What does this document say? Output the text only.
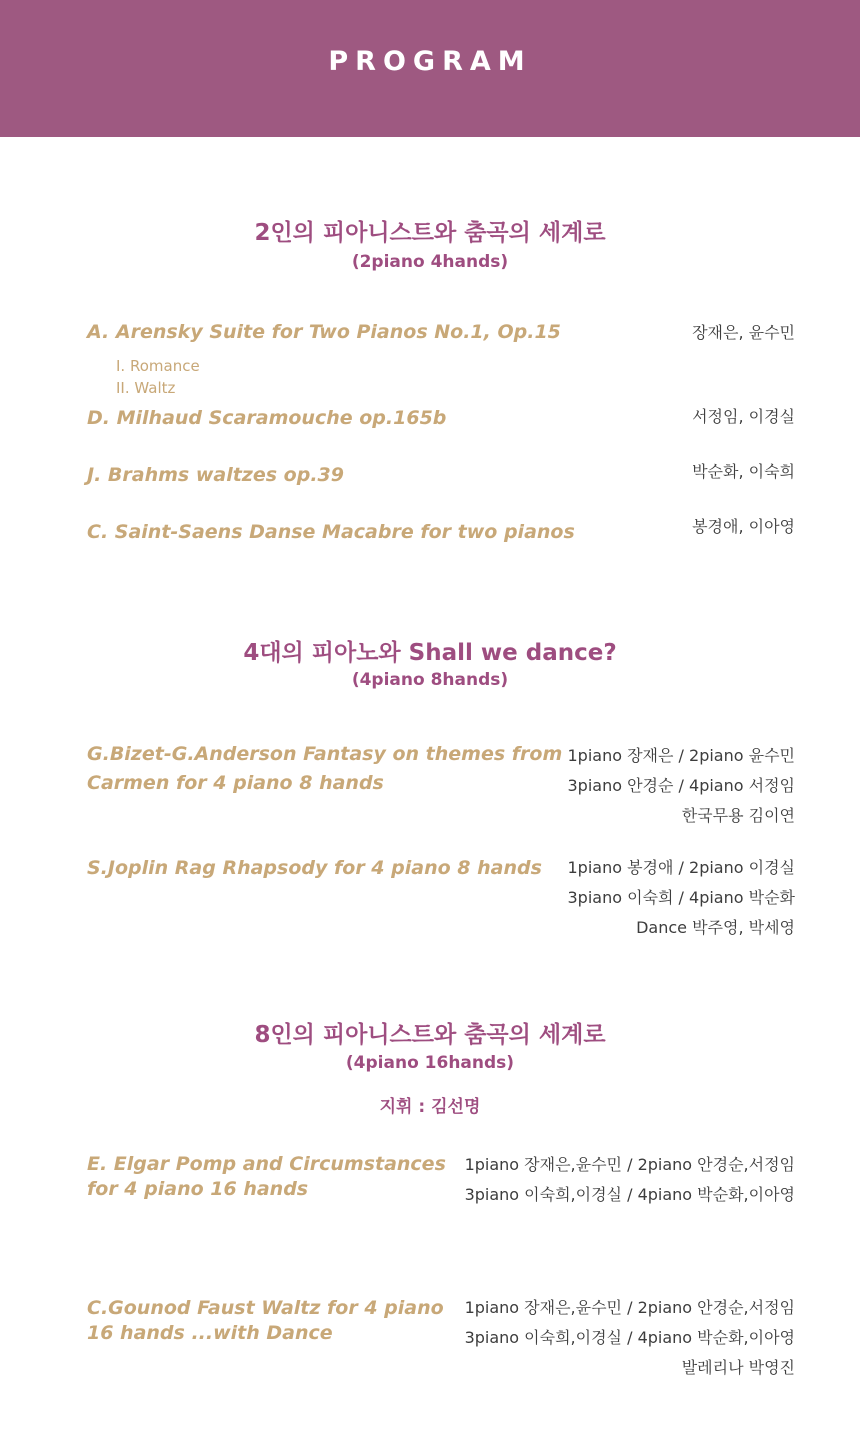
PROGRAM
2인의 피아니스트와 춤곡의 세계로
(2piano 4hands)
A. Arensky Suite for Two Pianos No.1, Op.15
I. Romance
II. Waltz
장재은, 윤수민
D. Milhaud Scaramouche op.165b	서정임, 이경실
J. Brahms waltzes op.39	박순화, 이숙희
C. Saint-Saens Danse Macabre for two pianos	봉경애, 이아영
4대의 피아노와 Shall we dance?
(4piano 8hands)
G.Bizet-G.Anderson Fantasy on themes from
Carmen for 4 piano 8 hands
1piano 장재은 / 2piano 윤수민
3piano 안경순 / 4piano 서정임
한국무용 김이연
S.Joplin Rag Rhapsody for 4 piano 8 hands 1piano 봉경애 / 2piano 이경실
3piano 이숙희 / 4piano 박순화
Dance 박주영, 박세영
8인의 피아니스트와 춤곡의 세계로
(4piano 16hands)
지휘 : 김선명
E. Elgar Pomp and Circumstances
for 4 piano 16 hands
1piano 장재은,윤수민 / 2piano 안경순,서정임
3piano 이숙희,이경실 / 4piano 박순화,이아영
C.Gounod Faust Waltz for 4 piano
16 hands ...with Dance
1piano 장재은,윤수민 / 2piano 안경순,서정임
3piano 이숙희,이경실 / 4piano 박순화,이아영
발레리나 박영진
